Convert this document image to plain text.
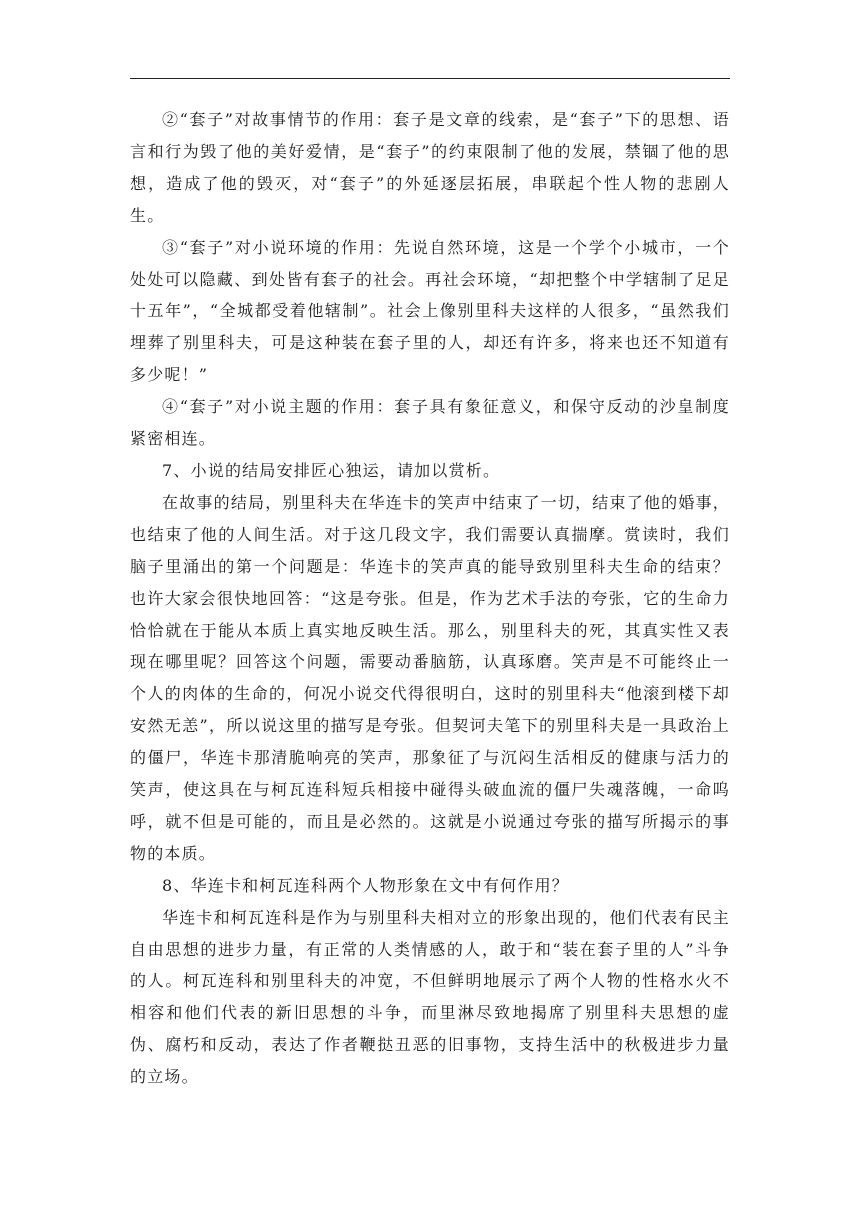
②“套子”对故事情节的作用：套子是文章的线索，是“套子”下的思想、语言和行为毁了他的美好爱情，是“套子”的约束限制了他的发展，禁锢了他的思想，造成了他的毁灭，对“套子”的外延逐层拓展，串联起个性人物的悲剧人生。

③“套子”对小说环境的作用：先说自然环境，这是一个学个小城市，一个处处可以隐藏、到处皆有套子的社会。再社会环境，“却把整个中学辖制了足足十五年”，“全城都受着他辖制”。社会上像别里科夫这样的人很多，“虽然我们埋葬了别里科夫，可是这种装在套子里的人，却还有许多，将来也还不知道有多少呢！”

④“套子”对小说主题的作用：套子具有象征意义，和保守反动的沙皇制度紧密相连。

7、小说的结局安排匠心独运，请加以赏析。

在故事的结局，别里科夫在华连卡的笑声中结束了一切，结束了他的婚事，也结束了他的人间生活。对于这几段文字，我们需要认真揣摩。赏读时，我们脑子里涌出的第一个问题是：华连卡的笑声真的能导致别里科夫生命的结束？也许大家会很快地回答：“这是夸张。但是，作为艺术手法的夸张，它的生命力恰恰就在于能从本质上真实地反映生活。那么，别里科夫的死，其真实性又表现在哪里呢？回答这个问题，需要动番脑筋，认真琢磨。笑声是不可能终止一个人的肉体的生命的，何况小说交代得很明白，这时的别里科夫“他滚到楼下却安然无恙”，所以说这里的描写是夸张。但契诃夫笔下的别里科夫是一具政治上的僵尸，华连卡那清脆响亮的笑声，那象征了与沉闷生活相反的健康与活力的笑声，使这具在与柯瓦连科短兵相接中碰得头破血流的僵尸失魂落魄，一命呜呼，就不但是可能的，而且是必然的。这就是小说通过夸张的描写所揭示的事物的本质。

8、华连卡和柯瓦连科两个人物形象在文中有何作用？

华连卡和柯瓦连科是作为与别里科夫相对立的形象出现的，他们代表有民主自由思想的进步力量，有正常的人类情感的人，敢于和“装在套子里的人”斗争的人。柯瓦连科和别里科夫的冲宽，不但鲜明地展示了两个人物的性格水火不相容和他们代表的新旧思想的斗争，而里淋尽致地揭席了别里科夫思想的虚伪、腐朽和反动，表达了作者鞭挞丑恶的旧事物，支持生活中的秋极进步力量的立场。
